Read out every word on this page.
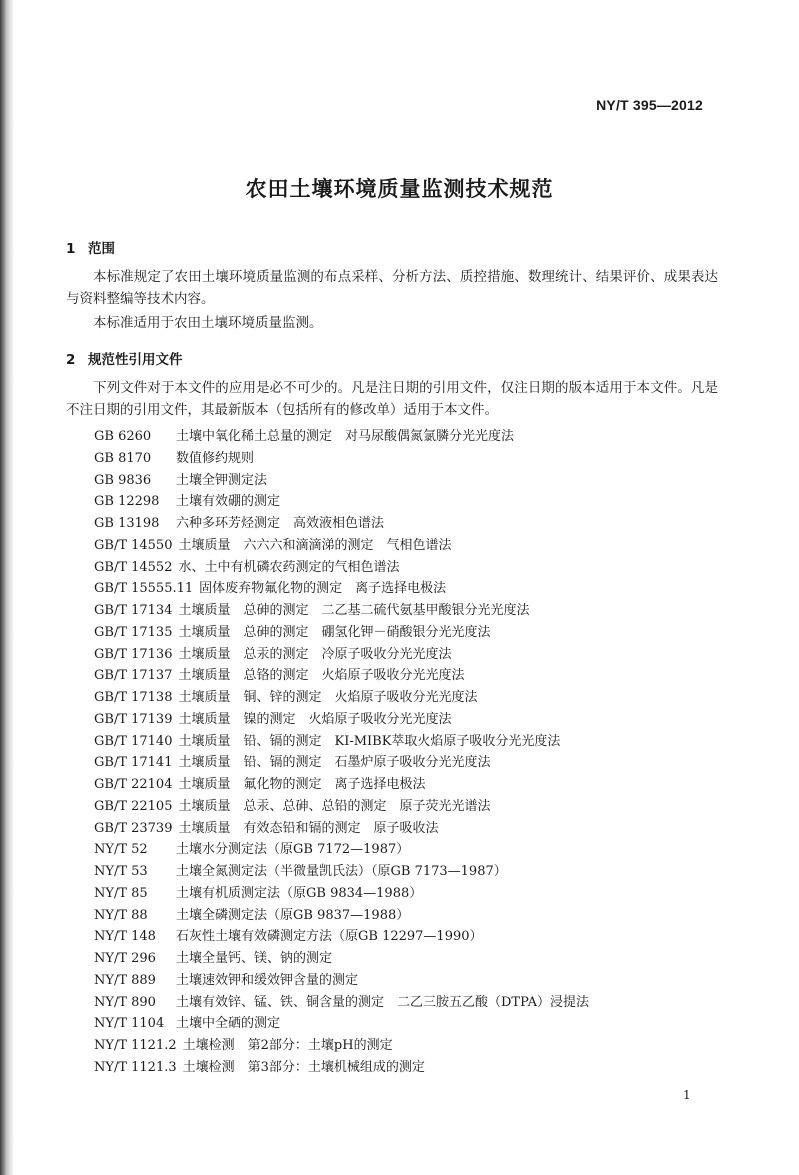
NY/T 395—2012
农田土壤环境质量监测技术规范
1 范围
本标准规定了农田土壤环境质量监测的布点采样、分析方法、质控措施、数理统计、结果评价、成果表达与资料整编等技术内容。
本标准适用于农田土壤环境质量监测。
2 规范性引用文件
下列文件对于本文件的应用是必不可少的。凡是注日期的引用文件，仅注日期的版本适用于本文件。凡是不注日期的引用文件，其最新版本（包括所有的修改单）适用于本文件。
GB 6260 土壤中氧化稀土总量的测定　对马尿酸偶氮氯膦分光光度法
GB 8170 数值修约规则
GB 9836 土壤全钾测定法
GB 12298 土壤有效硼的测定
GB 13198 六种多环芳烃测定　高效液相色谱法
GB/T 14550 土壤质量　六六六和滴滴涕的测定　气相色谱法
GB/T 14552 水、土中有机磷农药测定的气相色谱法
GB/T 15555.11 固体废弃物氟化物的测定　离子选择电极法
GB/T 17134 土壤质量　总砷的测定　二乙基二硫代氨基甲酸银分光光度法
GB/T 17135 土壤质量　总砷的测定　硼氢化钾－硝酸银分光光度法
GB/T 17136 土壤质量　总汞的测定　冷原子吸收分光光度法
GB/T 17137 土壤质量　总铬的测定　火焰原子吸收分光光度法
GB/T 17138 土壤质量　铜、锌的测定　火焰原子吸收分光光度法
GB/T 17139 土壤质量　镍的测定　火焰原子吸收分光光度法
GB/T 17140 土壤质量　铅、镉的测定　KI-MIBK萃取火焰原子吸收分光光度法
GB/T 17141 土壤质量　铅、镉的测定　石墨炉原子吸收分光光度法
GB/T 22104 土壤质量　氟化物的测定　离子选择电极法
GB/T 22105 土壤质量　总汞、总砷、总铅的测定　原子荧光光谱法
GB/T 23739 土壤质量　有效态铅和镉的测定　原子吸收法
NY/T 52 土壤水分测定法（原GB 7172—1987）
NY/T 53 土壤全氮测定法（半微量凯氏法）（原GB 7173—1987）
NY/T 85 土壤有机质测定法（原GB 9834—1988）
NY/T 88 土壤全磷测定法（原GB 9837—1988）
NY/T 148 石灰性土壤有效磷测定方法（原GB 12297—1990）
NY/T 296 土壤全量钙、镁、钠的测定
NY/T 889 土壤速效钾和缓效钾含量的测定
NY/T 890 土壤有效锌、锰、铁、铜含量的测定　二乙三胺五乙酸（DTPA）浸提法
NY/T 1104 土壤中全硒的测定
NY/T 1121.2 土壤检测　第2部分：土壤pH的测定
NY/T 1121.3 土壤检测　第3部分：土壤机械组成的测定
1
